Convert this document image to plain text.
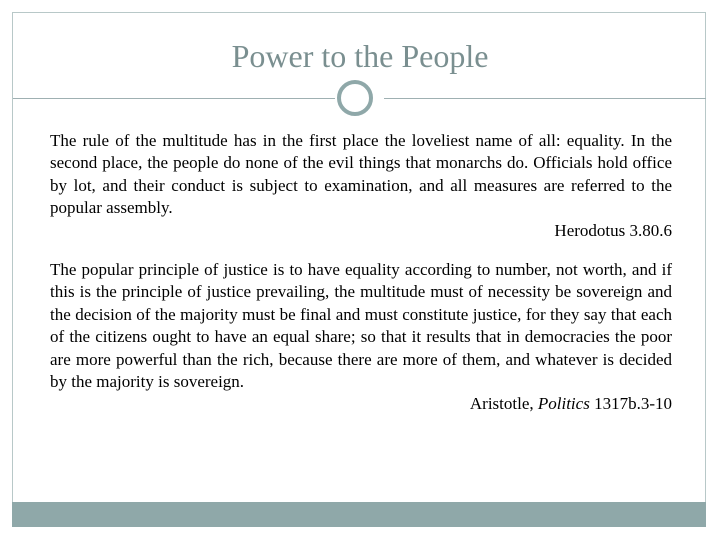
Power to the People

The rule of the multitude has in the first place the loveliest name of all: equality. In the second place, the people do none of the evil things that monarchs do. Officials hold office by lot, and their conduct is subject to examination, and all measures are referred to the popular assembly.

Herodotus 3.80.6

The popular principle of justice is to have equality according to number, not worth, and if this is the principle of justice prevailing, the multitude must of necessity be sovereign and the decision of the majority must be final and must constitute justice, for they say that each of the citizens ought to have an equal share; so that it results that in democracies the poor are more powerful than the rich, because there are more of them, and whatever is decided by the majority is sovereign.

Aristotle, Politics 1317b.3-10
